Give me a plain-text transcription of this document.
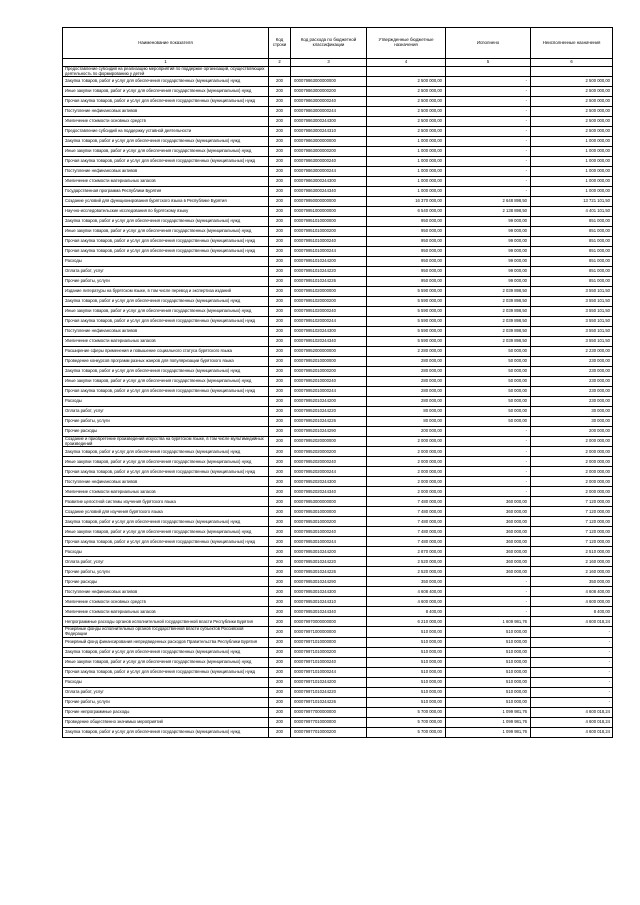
Наименование показателя	Код строки	Код расхода по бюджетной классификации	Утвержденные бюджетные назначения	Исполнено	Неисполненные назначения
1	2	3	4	5	6
Предоставление субсидий на реализацию мероприятий по поддержке организаций, осуществляющих деятельность по формированию у детей					
Закупка товаров, работ и услуг для обеспечения государственных (муниципальных) нужд	200	000079863000000000	2 500 000,00	-	2 500 000,00
Иные закупки товаров, работ и услуг для обеспечения государственных (муниципальных) нужд	200	000079863000000200	2 500 000,00	-	2 500 000,00
Прочая закупка товаров, работ и услуг для обеспечения государственных (муниципальных) нужд	200	000079863000000240	2 500 000,00	-	2 500 000,00
Поступление нефинансовых активов	200	000079863000000244	2 500 000,00	-	2 500 000,00
Увеличение стоимости основных средств	200	000079863000244300	2 500 000,00	-	2 500 000,00
Предоставление субсидий на поддержку уставной деятельности	200	000079863000244310	2 500 000,00	-	2 500 000,00
Закупка товаров, работ и услуг для обеспечения государственных (муниципальных) нужд	200	000079863000000000	1 000 000,00	-	1 000 000,00
Иные закупки товаров, работ и услуг для обеспечения государственных (муниципальных) нужд	200	000079863000000200	1 000 000,00	-	1 000 000,00
Прочая закупка товаров, работ и услуг для обеспечения государственных (муниципальных) нужд	200	000079863000000240	1 000 000,00	-	1 000 000,00
Поступление нефинансовых активов	200	000079863000000244	1 000 000,00	-	1 000 000,00
Увеличение стоимости материальных запасов	200	000079863000244300	1 000 000,00	-	1 000 000,00
Государственная программа Республики Бурятия	200	000079863000244340	1 000 000,00	-	1 000 000,00
Создание условий для функционирования бурятского языка в Республике Бурятия	200	000079950000000000	16 370 000,00	2 648 898,50	13 721 101,50
Научно-исследовательские исследования по бурятскому языку	200	000079951000000000	6 540 000,00	2 138 898,50	4 401 101,50
Закупка товаров, работ и услуг для обеспечения государственных (муниципальных) нужд	200	000079951010000000	950 000,00	99 000,00	851 000,00
Иные закупки товаров, работ и услуг для обеспечения государственных (муниципальных) нужд	200	000079951010000200	950 000,00	99 000,00	851 000,00
Прочая закупка товаров, работ и услуг для обеспечения государственных (муниципальных) нужд	200	000079951010000240	950 000,00	99 000,00	851 000,00
Прочая закупка товаров, работ и услуг для обеспечения государственных (муниципальных) нужд	200	000079951010000244	950 000,00	99 000,00	851 000,00
Расходы	200	000079951010244200	950 000,00	99 000,00	851 000,00
Оплата работ, услуг	200	000079951010244220	950 000,00	99 000,00	851 000,00
Прочие работы, услуги	200	000079951010244226	950 000,00	99 000,00	851 000,00
Издание литературы на бурятском языке, в том числе перевод и экспертиза изданий	200	000079951020000000	5 590 000,00	2 039 898,50	3 550 101,50
Закупка товаров, работ и услуг для обеспечения государственных (муниципальных) нужд	200	000079951020000200	5 590 000,00	2 039 898,50	3 550 101,50
Иные закупки товаров, работ и услуг для обеспечения государственных (муниципальных) нужд	200	000079951020000240	5 590 000,00	2 039 898,50	3 550 101,50
Прочая закупка товаров, работ и услуг для обеспечения государственных (муниципальных) нужд	200	000079951020000244	5 590 000,00	2 039 898,50	3 550 101,50
Поступление нефинансовых активов	200	000079951020244300	5 590 000,00	2 039 898,50	3 550 101,50
Увеличение стоимости материальных запасов	200	000079951020244340	5 590 000,00	2 039 898,50	3 550 101,50
Расширение сферы применения и повышение социального статуса бурятского языка	200	000079952000000000	2 280 000,00	50 000,00	2 230 000,00
Проведение конкурсов программ разных жанров для популяризации бурятского языка	200	000079952010000000	280 000,00	50 000,00	230 000,00
Закупка товаров, работ и услуг для обеспечения государственных (муниципальных) нужд	200	000079952010000200	280 000,00	50 000,00	230 000,00
Иные закупки товаров, работ и услуг для обеспечения государственных (муниципальных) нужд	200	000079952010000240	280 000,00	50 000,00	230 000,00
Прочая закупка товаров, работ и услуг для обеспечения государственных (муниципальных) нужд	200	000079952010000244	280 000,00	50 000,00	230 000,00
Расходы	200	000079952010244200	280 000,00	50 000,00	230 000,00
Оплата работ, услуг	200	000079952010244220	80 000,00	50 000,00	30 000,00
Прочие работы, услуги	200	000079952010244226	80 000,00	50 000,00	30 000,00
Прочие расходы	200	000079952010244290	200 000,00	-	200 000,00
Создание и приобретение произведений искусства на бурятском языке, в том числе мультимедийных произведений	200	000079952020000000	2 000 000,00	-	2 000 000,00
Закупка товаров, работ и услуг для обеспечения государственных (муниципальных) нужд	200	000079952020000200	2 000 000,00	-	2 000 000,00
Иные закупки товаров, работ и услуг для обеспечения государственных (муниципальных) нужд	200	000079952020000240	2 000 000,00	-	2 000 000,00
Прочая закупка товаров, работ и услуг для обеспечения государственных (муниципальных) нужд	200	000079952020000244	2 000 000,00	-	2 000 000,00
Поступление нефинансовых активов	200	000079952020244300	2 000 000,00	-	2 000 000,00
Увеличение стоимости материальных запасов	200	000079952020244340	2 000 000,00	-	2 000 000,00
Развитие целостной системы изучения бурятского языка	200	000079953000000000	7 480 000,00	360 000,00	7 120 000,00
Создание условий для изучения бурятского языка	200	000079953010000000	7 480 000,00	360 000,00	7 120 000,00
Закупка товаров, работ и услуг для обеспечения государственных (муниципальных) нужд	200	000079953010000200	7 480 000,00	360 000,00	7 120 000,00
Иные закупки товаров, работ и услуг для обеспечения государственных (муниципальных) нужд	200	000079953010000240	7 480 000,00	360 000,00	7 120 000,00
Прочая закупка товаров, работ и услуг для обеспечения государственных (муниципальных) нужд	200	000079953010000244	7 480 000,00	360 000,00	7 120 000,00
Расходы	200	000079953010244200	2 870 000,00	360 000,00	2 510 000,00
Оплата работ, услуг	200	000079953010244220	2 520 000,00	360 000,00	2 160 000,00
Прочие работы, услуги	200	000079953010244226	2 520 000,00	360 000,00	2 160 000,00
Прочие расходы	200	000079953010244290	350 000,00	-	350 000,00
Поступление нефинансовых активов	200	000079953010244300	4 608 400,00	-	4 608 400,00
Увеличение стоимости основных средств	200	000079953010244310	4 600 000,00	-	4 600 000,00
Увеличение стоимости материальных запасов	200	000079953010244340	8 400,00	-	8 400,00
Непрограммные расходы органов исполнительной государственной власти Республики Бурятия	200	000079970000000000	6 210 000,00	1 609 981,76	4 600 018,24
Резервные фонды исполнительных органов государственной власти субъектов Российской Федерации	200	000079971000000000	510 000,00	510 000,00	-
Резервный фонд финансирования непредвиденных расходов Правительства Республики Бурятия	200	000079971010000000	510 000,00	510 000,00	-
Закупка товаров, работ и услуг для обеспечения государственных (муниципальных) нужд	200	000079971010000200	510 000,00	510 000,00	-
Иные закупки товаров, работ и услуг для обеспечения государственных (муниципальных) нужд	200	000079971010000240	510 000,00	510 000,00	-
Прочая закупка товаров, работ и услуг для обеспечения государственных (муниципальных) нужд	200	000079971010000244	510 000,00	510 000,00	-
Расходы	200	000079971010244200	510 000,00	510 000,00	-
Оплата работ, услуг	200	000079971010244220	510 000,00	510 000,00	-
Прочие работы, услуги	200	000079971010244226	510 000,00	510 000,00	-
Прочие непрограммные расходы	200	000079977000000000	5 700 000,00	1 099 981,76	4 600 018,24
Проведение общественно значимых мероприятий	200	000079977010000000	5 700 000,00	1 099 981,76	4 600 018,24
Закупка товаров, работ и услуг для обеспечения государственных (муниципальных) нужд	200	000079977010000200	5 700 000,00	1 099 981,76	4 600 018,24
